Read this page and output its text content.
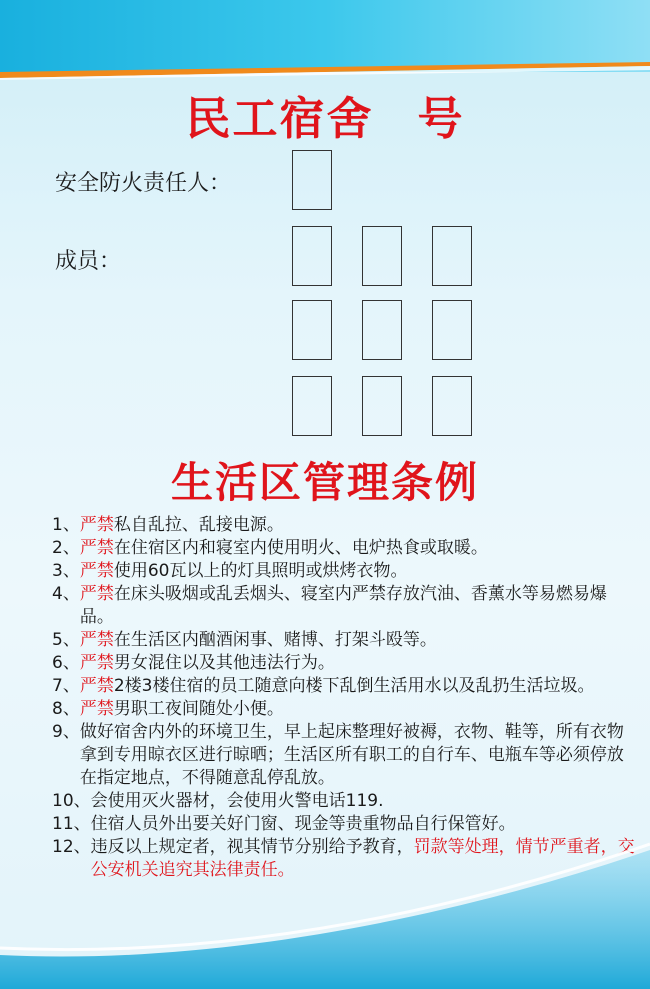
民工宿舍 号
安全防火责任人：
成员：
生活区管理条例
1、 严禁私自乱拉、乱接电源。
2、 严禁在住宿区内和寝室内使用明火、电炉热食或取暖。
3、 严禁使用60瓦以上的灯具照明或烘烤衣物。
4、 严禁在床头吸烟或乱丢烟头、寝室内严禁存放汽油、香薰水等易燃易爆品。
5、 严禁在生活区内酗酒闲事、赌博、打架斗殴等。
6、 严禁男女混住以及其他违法行为。
7、 严禁2楼3楼住宿的员工随意向楼下乱倒生活用水以及乱扔生活垃圾。
8、 严禁男职工夜间随处小便。
9、 做好宿舍内外的环境卫生，早上起床整理好被褥，衣物、鞋等，所有衣物拿到专用晾衣区进行晾晒；生活区所有职工的自行车、电瓶车等必须停放在指定地点，不得随意乱停乱放。
10、 会使用灭火器材，会使用火警电话119.
11、 住宿人员外出要关好门窗、现金等贵重物品自行保管好。
12、 违反以上规定者，视其情节分别给予教育，罚款等处理，情节严重者，交公安机关追究其法律责任。
